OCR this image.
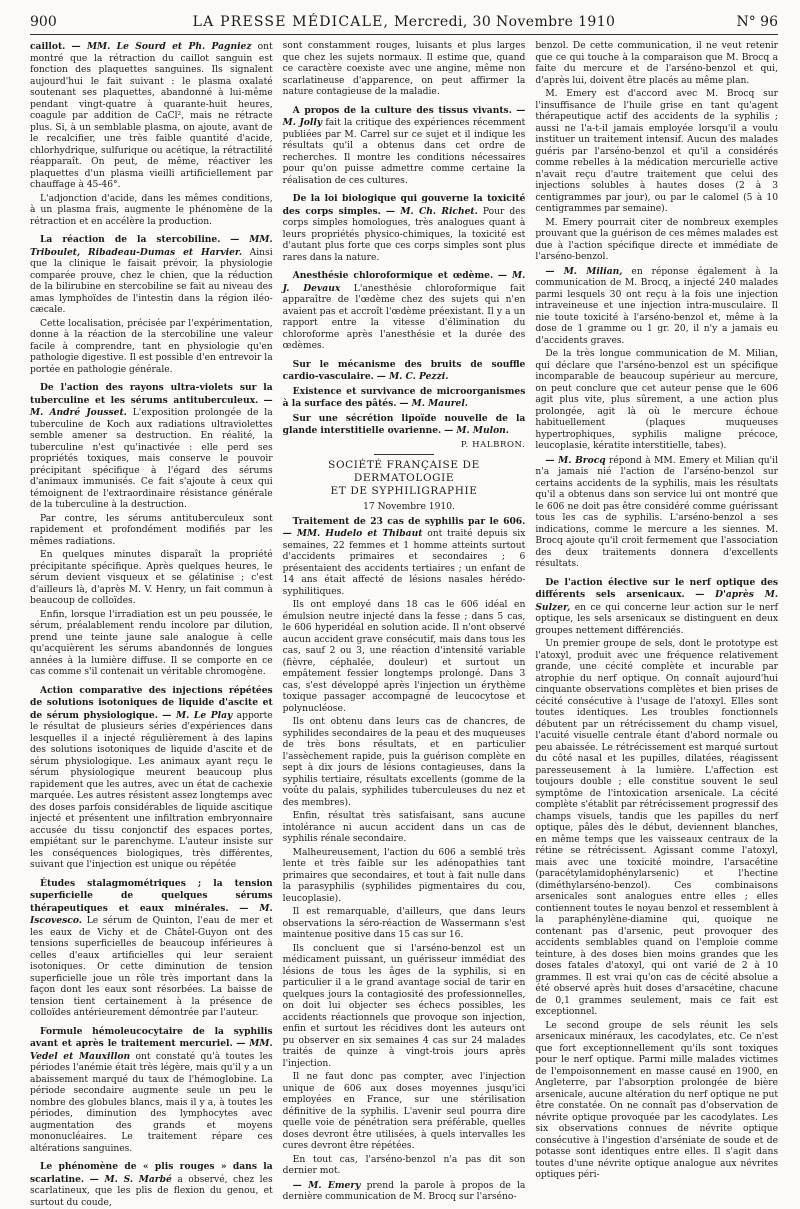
900	LA PRESSE MÉDICALE, Mercredi, 30 Novembre 1910	N° 96

caillot. — MM. Le Sourd et Ph. Pagniez ont montré que la rétraction du caillot sanguin est fonction des plaquettes sanguines. Ils signalent aujourd'hui le fait suivant : le plasma oxalaté soutenant ses plaquettes, abandonné à lui-même pendant vingt-quatre à quarante-huit heures, coagule par addition de CaCl², mais ne rétracte plus. Si, à un semblable plasma, on ajoute, avant de le recalcifier, une très faible quantité d'acide, chlorhydrique, sulfurique ou acétique, la rétractilité réapparaît. On peut, de même, réactiver les plaquettes d'un plasma vieilli artificiellement par chauffage à 45-46°.

L'adjonction d'acide, dans les mêmes conditions, à un plasma frais, augmente le phénomène de la rétraction et en accélère la production.

La réaction de la stercobiline. — MM. Triboulet, Ribadeau-Dumas et Harvier. Ainsi que la clinique le faisait prévoir, la physiologie comparée prouve, chez le chien, que la réduction de la bilirubine en stercobiline se fait au niveau des amas lymphoïdes de l'intestin dans la région iléo-cæcale.

Cette localisation, précisée par l'expérimentation, donne à la réaction de la stercobiline une valeur facile à comprendre, tant en physiologie qu'en pathologie digestive. Il est possible d'en entrevoir la portée en pathologie générale.

De l'action des rayons ultra-violets sur la tuberculine et les sérums antituberculeux. — M. André Jousset. L'exposition prolongée de la tuberculine de Koch aux radiations ultraviolettes semble amener sa destruction. En réalité, la tuberculine n'est qu'inactivée : elle perd ses propriétés toxiques, mais conserve le pouvoir précipitant spécifique à l'égard des sérums d'animaux immunisés. Ce fait s'ajoute à ceux qui témoignent de l'extraordinaire résistance générale de la tuberculine à la destruction.

Par contre, les sérums antituberculeux sont rapidement et profondément modifiés par les mêmes radiations.

En quelques minutes disparaît la propriété précipitante spécifique. Après quelques heures, le sérum devient visqueux et se gélatinise ; c'est d'ailleurs là, d'après M. V. Henry, un fait commun à beaucoup de colloïdes.

Enfin, lorsque l'irradiation est un peu poussée, le sérum, préalablement rendu incolore par dilution, prend une teinte jaune sale analogue à celle qu'acquièrent les sérums abandonnés de longues années à la lumière diffuse. Il se comporte en ce cas comme s'il contenait un véritable chromogène.

Action comparative des injections répétées de solutions isotoniques de liquide d'ascite et de sérum physiologique. — M. Le Play apporte le résultat de plusieurs séries d'expériences dans lesquelles il a injecté régulièrement à des lapins des solutions isotoniques de liquide d'ascite et de sérum physiologique. Les animaux ayant reçu le sérum physiologique meurent beaucoup plus rapidement que les autres, avec un état de cachexie marquée. Les autres résistent assez longtemps avec des doses parfois considérables de liquide ascitique injecté et présentent une infiltration embryonnaire accusée du tissu conjonctif des espaces portes, empiétant sur le parenchyme. L'auteur insiste sur les conséquences biologiques, très différentes, suivant que l'injection est unique ou répétée

Études stalagmométriques ; la tension superficielle de quelques sérums thérapeutiques et eaux minérales. — M. Iscovesco. Le sérum de Quinton, l'eau de mer et les eaux de Vichy et de Châtel-Guyon ont des tensions superficielles de beaucoup inférieures à celles d'eaux artificielles qui leur seraient isotoniques. Or cette diminution de tension superficielle joue un rôle très important dans la façon dont les eaux sont résorbées. La baisse de tension tient certainement à la présence de colloïdes antérieurement démontrée par l'auteur.

Formule hémoleucocytaire de la syphilis avant et après le traitement mercuriel. — MM. Vedel et Mauxillon ont constaté qu'à toutes les périodes l'anémie était très légère, mais qu'il y a un abaissement marqué du taux de l'hémoglobine. La période secondaire augmente seule un peu le nombre des globules blancs, mais il y a, à toutes les périodes, diminution des lymphocytes avec augmentation des grands et moyens mononucléaires. Le traitement répare ces altérations sanguines.

Le phénomène de « plis rouges » dans la scarlatine. — M. S. Marbé a observé, chez les scarlatineux, que les plis de flexion du genou, et surtout du coude,

sont constamment rouges, luisants et plus larges que chez les sujets normaux. Il estime que, quand ce caractère coexiste avec une angine, même non scarlatineuse d'apparence, on peut affirmer la nature contagieuse de la maladie.

A propos de la culture des tissus vivants. — M. Jolly fait la critique des expériences récemment publiées par M. Carrel sur ce sujet et il indique les résultats qu'il a obtenus dans cet ordre de recherches. Il montre les conditions nécessaires pour qu'on puisse admettre comme certaine la réalisation de ces cultures.

De la loi biologique qui gouverne la toxicité des corps simples. — M. Ch. Richet. Pour des corps simples homologues, très analogues quant à leurs propriétés physico-chimiques, la toxicité est d'autant plus forte que ces corps simples sont plus rares dans la nature.

Anesthésie chloroformique et œdème. — M. J. Devaux L'anesthésie chloroformique fait apparaître de l'œdème chez des sujets qui n'en avaient pas et accroît l'œdème préexistant. Il y a un rapport entre la vitesse d'élimination du chloroforme après l'anesthésie et la durée des œdèmes.

Sur le mécanisme des bruits de souffle cardio-vasculaire. — M. C. Pezzi.

Existence et survivance de microorganismes à la surface des pâtés. — M. Maurel.

Sur une sécrétion lipoïde nouvelle de la glande interstitielle ovarienne. — M. Mulon.

P. HALBRON.

SOCIÉTÉ FRANÇAISE DE DERMATOLOGIE
ET DE SYPHILIGRAPHIE

17 Novembre 1910.

Traitement de 23 cas de syphilis par le 606. — MM. Hudelo et Thibaut ont traité depuis six semaines, 22 femmes et 1 homme atteints surtout d'accidents primaires et secondaires ; 6 présentaient des accidents tertiaires ; un enfant de 14 ans était affecté de lésions nasales hérédo-syphilitiques.

Ils ont employé dans 18 cas le 606 idéal en émulsion neutre injecté dans la fesse ; dans 5 cas, le 606 hyperidéal en solution acide. Il n'ont observé aucun accident grave consécutif, mais dans tous les cas, sauf 2 ou 3, une réaction d'intensité variable (fièvre, céphalée, douleur) et surtout un empâtement fessier longtemps prolongé. Dans 3 cas, s'est développé après l'injection un érythème toxique passager accompagné de leucocytose et polynucléose.

Ils ont obtenu dans leurs cas de chancres, de syphilides secondaires de la peau et des muqueuses de très bons résultats, et en particulier l'assèchement rapide, puis la guérison complète en sept à dix jours de lésions contagieuses, dans la syphilis tertiaire, résultats excellents (gomme de la voûte du palais, syphilides tuberculeuses du nez et des membres).

Enfin, résultat très satisfaisant, sans aucune intolérance ni aucun accident dans un cas de syphilis rénale secondaire.

Malheureusement, l'action du 606 a semblé très lente et très faible sur les adénopathies tant primaires que secondaires, et tout à fait nulle dans la parasyphilis (syphilides pigmentaires du cou, leucoplasie).

Il est remarquable, d'ailleurs, que dans leurs observations la séro-réaction de Wassermann s'est maintenue positive dans 15 cas sur 16.

Ils concluent que si l'arséno-benzol est un médicament puissant, un guérisseur immédiat des lésions de tous les âges de la syphilis, si en particulier il a le grand avantage social de tarir en quelques jours la contagiosité des professionnelles, on doit lui objecter ses échecs possibles, les accidents réactionnels que provoque son injection, enfin et surtout les récidives dont les auteurs ont pu observer en six semaines 4 cas sur 24 malades traités de quinze à vingt-trois jours après l'injection.

Il ne faut donc pas compter, avec l'injection unique de 606 aux doses moyennes jusqu'ici employées en France, sur une stérilisation définitive de la syphilis. L'avenir seul pourra dire quelle voie de pénétration sera préférable, quelles doses devront être utilisées, à quels intervalles les cures devront être répétées.

En tout cas, l'arséno-benzol n'a pas dit son dernier mot.

— M. Emery prend la parole à propos de la dernière communication de M. Brocq sur l'arséno-

benzol. De cette communication, il ne veut retenir que ce qui touche à la comparaison que M. Brocq a faite du mercure et de l'arséno-benzol et qui, d'après lui, doivent être placés au même plan.

M. Emery est d'accord avec M. Brocq sur l'insuffisance de l'huile grise en tant qu'agent thérapeutique actif des accidents de la syphilis ; aussi ne l'a-t-il jamais employée lorsqu'il a voulu instituer un traitement intensif. Aucun des malades guéris par l'arséno-benzol et qu'il a considérés comme rebelles à la médication mercurielle active n'avait reçu d'autre traitement que celui des injections solubles à hautes doses (2 à 3 centigrammes par jour), ou par le calomel (5 à 10 centigrammes par semaine).

M. Emery pourrait citer de nombreux exemples prouvant que la guérison de ces mêmes malades est due à l'action spécifique directe et immédiate de l'arséno-benzol.

— M. Milian, en réponse également à la communication de M. Brocq, a injecté 240 malades parmi lesquels 30 ont reçu à la fois une injection intraveineuse et une injection intra-musculaire. Il nie toute toxicité à l'arséno-benzol et, même à la dose de 1 gramme ou 1 gr. 20, il n'y a jamais eu d'accidents graves.

De la très longue communication de M. Milian, qui déclare que l'arséno-benzol est un spécifique incomparable de beaucoup supérieur au mercure, on peut conclure que cet auteur pense que le 606 agit plus vite, plus sûrement, a une action plus prolongée, agit là où le mercure échoue habituellement (plaques muqueuses hypertrophiques, syphilis maligne précoce, leucoplasie, kératite interstitielle, tabes).

— M. Brocq répond à MM. Emery et Milian qu'il n'a jamais nié l'action de l'arséno-benzol sur certains accidents de la syphilis, mais les résultats qu'il a obtenus dans son service lui ont montré que le 606 ne doit pas être considéré comme guérissant tous les cas de syphilis. L'arséno-benzol a ses indications, comme le mercure a les siennes. M. Brocq ajoute qu'il croit fermement que l'association des deux traitements donnera d'excellents résultats.

De l'action élective sur le nerf optique des différents sels arsenicaux. — D'après M. Sulzer, en ce qui concerne leur action sur le nerf optique, les sels arsenicaux se distinguent en deux groupes nettement différenciés.

Un premier groupe de sels, dont le prototype est l'atoxyl, produit avec une fréquence relativement grande, une cécité complète et incurable par atrophie du nerf optique. On connaît aujourd'hui cinquante observations complètes et bien prises de cécité consécutive à l'usage de l'atoxyl. Elles sont toutes identiques. Les troubles fonctionnels débutent par un rétrécissement du champ visuel, l'acuité visuelle centrale étant d'abord normale ou peu abaissée. Le rétrécissement est marqué surtout du côté nasal et les pupilles, dilatées, réagissent paresseusement à la lumière. L'affection est toujours double ; elle constitue souvent le seul symptôme de l'intoxication arsenicale. La cécité complète s'établit par rétrécissement progressif des champs visuels, tandis que les papilles du nerf optique, pâles dès le début, deviennent blanches, en même temps que les vaisseaux centraux de la rétine se rétrécissent. Agissant comme l'atoxyl, mais avec une toxicité moindre, l'arsacétine (paracétylamidophénylarsenic) et l'hectine (diméthylarséno-benzol). Ces combinaisons arsenicales sont analogues entre elles ; elles contiennent toutes le noyau benzol et ressemblent à la paraphénylène-diamine qui, quoique ne contenant pas d'arsenic, peut provoquer des accidents semblables quand on l'emploie comme teinture, à des doses bien moins grandes que les doses fatales d'atoxyl, qui ont varié de 2 à 10 grammes. Il est vrai qu'on cas de cécité absolue a été observé après huit doses d'arsacétine, chacune de 0,1 grammes seulement, mais ce fait est exceptionnel.

Le second groupe de sels réunit les sels arsenicaux minéraux, les cacodylates, etc. Ce n'est que fort exceptionnellement qu'ils sont toxiques pour le nerf optique. Parmi mille malades victimes de l'empoisonnement en masse causé en 1900, en Angleterre, par l'absorption prolongée de bière arsenicale, aucune altération du nerf optique ne put être constatée. On ne connaît pas d'observation de névrite optique provoquée par les cacodylates. Les six observations connues de névrite optique consécutive à l'ingestion d'arséniate de soude et de potasse sont identiques entre elles. Il s'agit dans toutes d'une névrite optique analogue aux névrites optiques péri-
